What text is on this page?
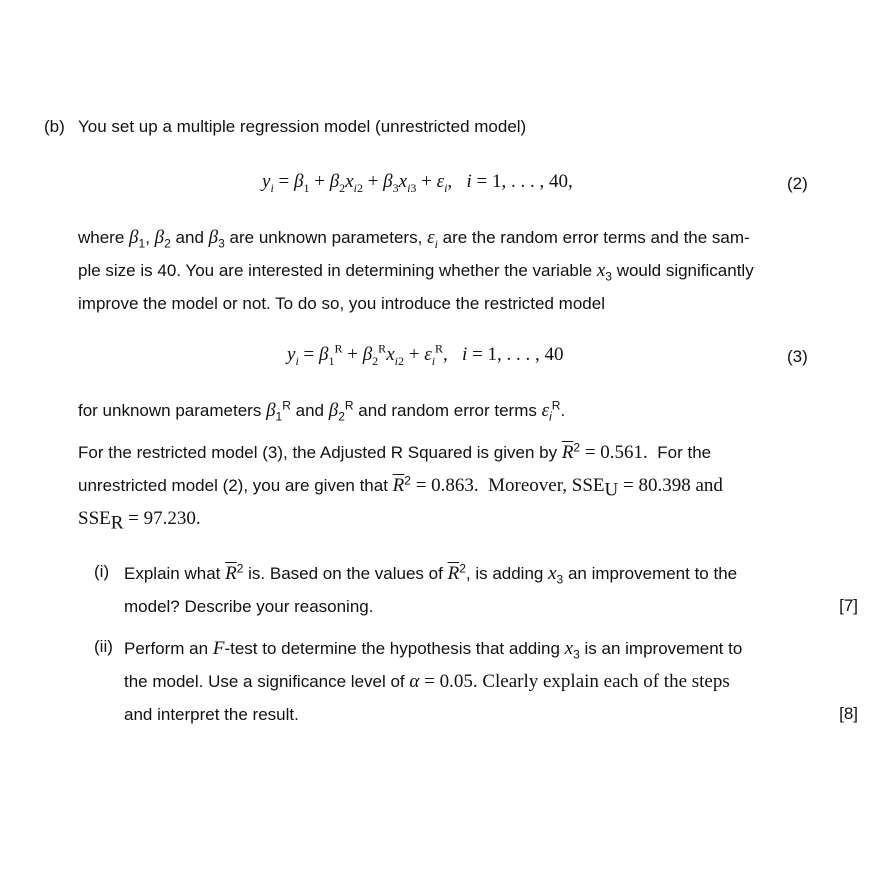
(b) You set up a multiple regression model (unrestricted model)
$y_i = \beta_1 + \beta_2x_{i2} + \beta_3x_{i3} + \varepsilon_i$,   i = 1, . . . , 40,	(2)
where $\beta_1$, $\beta_2$ and $\beta_3$ are unknown parameters, $\varepsilon_i$ are the random error terms and the sam-
ple size is 40. You are interested in determining whether the variable $x_3$ would significantly
improve the model or not. To do so, you introduce the restricted model
$y_i = \beta_1^R + \beta_2^Rx_{i2} + \varepsilon_i^R$,   i = 1, . . . , 40	(3)
for unknown parameters $\beta_1^R$ and $\beta_2^R$ and random error terms $\varepsilon_i^R$.
For the restricted model (3), the Adjusted R Squared is given by $\overline{R}^2 = 0.561$. For the
unrestricted model (2), you are given that $\overline{R}^2 = 0.863$. Moreover, $SSE_U = 80.398$ and
$SSE_R = 97.230$.
(i) Explain what $\overline{R}^2$ is. Based on the values of $\overline{R}^2$, is adding $x_3$ an improvement to the
model? Describe your reasoning.	[7]
(ii) Perform an F-test to determine the hypothesis that adding $x_3$ is an improvement to
the model. Use a significance level of α = 0.05. Clearly explain each of the steps
and interpret the result.	[8]
